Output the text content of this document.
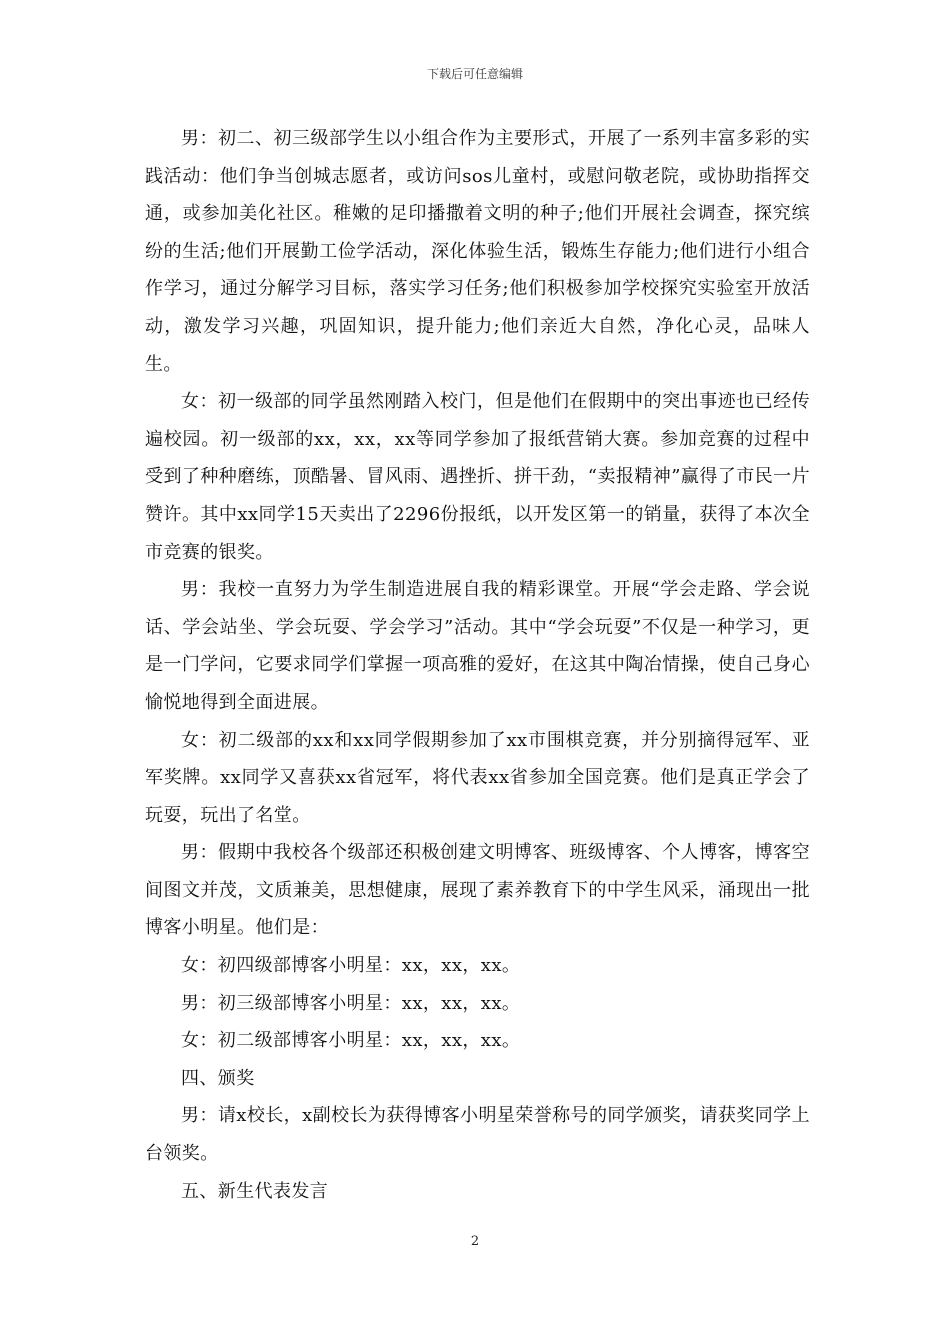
下载后可任意编辑

男：初二、初三级部学生以小组合作为主要形式，开展了一系列丰富多彩的实践活动：他们争当创城志愿者，或访问sos儿童村，或慰问敬老院，或协助指挥交通，或参加美化社区。稚嫩的足印播撒着文明的种子;他们开展社会调查，探究缤纷的生活;他们开展勤工俭学活动，深化体验生活，锻炼生存能力;他们进行小组合作学习，通过分解学习目标，落实学习任务;他们积极参加学校探究实验室开放活动，激发学习兴趣，巩固知识，提升能力;他们亲近大自然，净化心灵，品味人生。

女：初一级部的同学虽然刚踏入校门，但是他们在假期中的突出事迹也已经传遍校园。初一级部的xx，xx，xx等同学参加了报纸营销大赛。参加竞赛的过程中受到了种种磨练，顶酷暑、冒风雨、遇挫折、拼干劲，“卖报精神”赢得了市民一片赞许。其中xx同学15天卖出了2296份报纸，以开发区第一的销量，获得了本次全市竞赛的银奖。

男：我校一直努力为学生制造进展自我的精彩课堂。开展“学会走路、学会说话、学会站坐、学会玩耍、学会学习”活动。其中“学会玩耍”不仅是一种学习，更是一门学问，它要求同学们掌握一项高雅的爱好，在这其中陶冶情操，使自己身心愉悦地得到全面进展。

女：初二级部的xx和xx同学假期参加了xx市围棋竞赛，并分别摘得冠军、亚军奖牌。xx同学又喜获xx省冠军，将代表xx省参加全国竞赛。他们是真正学会了玩耍，玩出了名堂。

男：假期中我校各个级部还积极创建文明博客、班级博客、个人博客，博客空间图文并茂，文质兼美，思想健康，展现了素养教育下的中学生风采，涌现出一批博客小明星。他们是：

女：初四级部博客小明星：xx，xx，xx。

男：初三级部博客小明星：xx，xx，xx。

女：初二级部博客小明星：xx，xx，xx。

四、颁奖

男：请x校长，x副校长为获得博客小明星荣誉称号的同学颁奖，请获奖同学上台领奖。

五、新生代表发言

2
